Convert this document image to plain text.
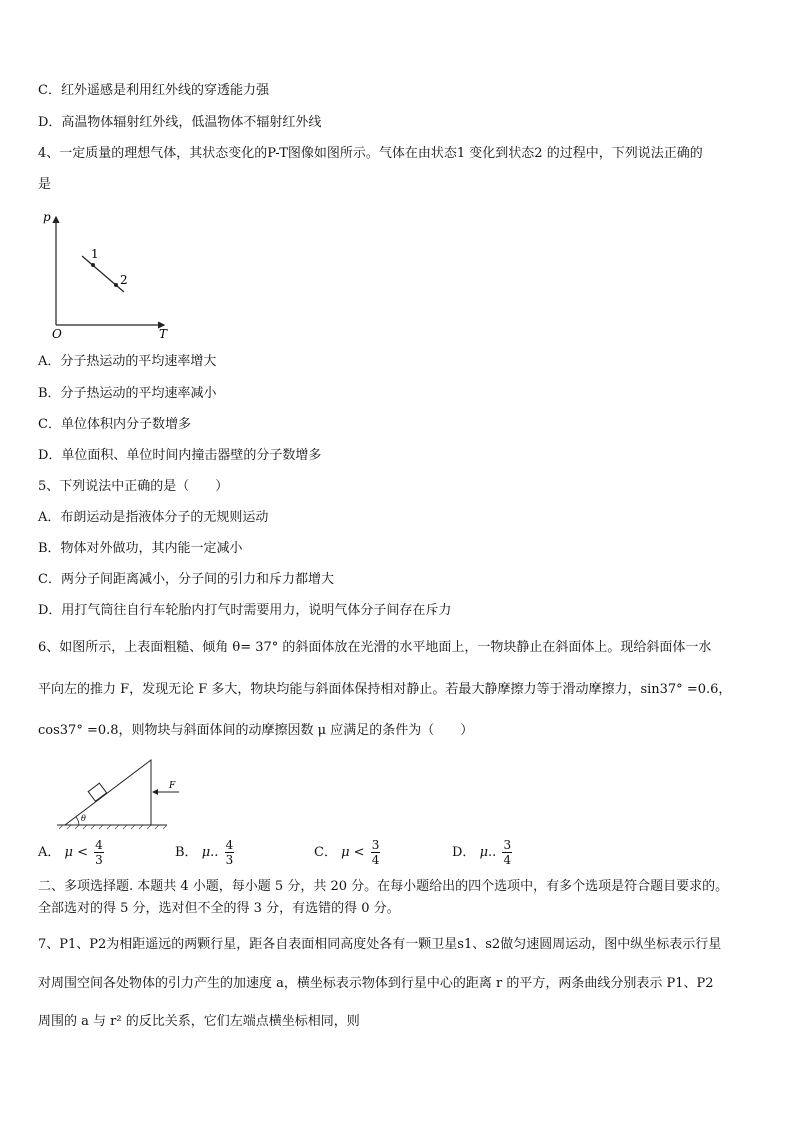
C．红外遥感是利用红外线的穿透能力强
D．高温物体辐射红外线，低温物体不辐射红外线
4、一定质量的理想气体，其状态变化的P-T图像如图所示。气体在由状态1 变化到状态2 的过程中，下列说法正确的
是
p
T
O
1
2
A．分子热运动的平均速率增大
B．分子热运动的平均速率减小
C．单位体积内分子数增多
D．单位面积、单位时间内撞击器壁的分子数增多
5、下列说法中正确的是（　　）
A．布朗运动是指液体分子的无规则运动
B．物体对外做功，其内能一定减小
C．两分子间距离减小，分子间的引力和斥力都增大
D．用打气筒往自行车轮胎内打气时需要用力，说明气体分子间存在斥力
6、如图所示，上表面粗糙、倾角 θ= 37° 的斜面体放在光滑的水平地面上，一物块静止在斜面体上。现给斜面体一水
平向左的推力 F，发现无论 F 多大，物块均能与斜面体保持相对静止。若最大静摩擦力等于滑动摩擦力，sin37° =0.6，
cos37° =0.8，则物块与斜面体间的动摩擦因数 μ 应满足的条件为（　　）
θ
F
A． $\mu < \frac{4}{3}$	B． μ.. $\frac{4}{3}$	C． $\mu < \frac{3}{4}$	D． μ.. $\frac{3}{4}$
二、多项选择题. 本题共 4 小题，每小题 5 分，共 20 分。在每小题给出的四个选项中，有多个选项是符合题目要求的。
全部选对的得 5 分，选对但不全的得 3 分，有选错的得 0 分。
7、P1、P2为相距遥远的两颗行星，距各自表面相同高度处各有一颗卫星s1、s2做匀速圆周运动，图中纵坐标表示行星
对周围空间各处物体的引力产生的加速度 a，横坐标表示物体到行星中心的距离 r 的平方，两条曲线分别表示 P1、P2
周围的 a 与 r² 的反比关系，它们左端点横坐标相同，则
